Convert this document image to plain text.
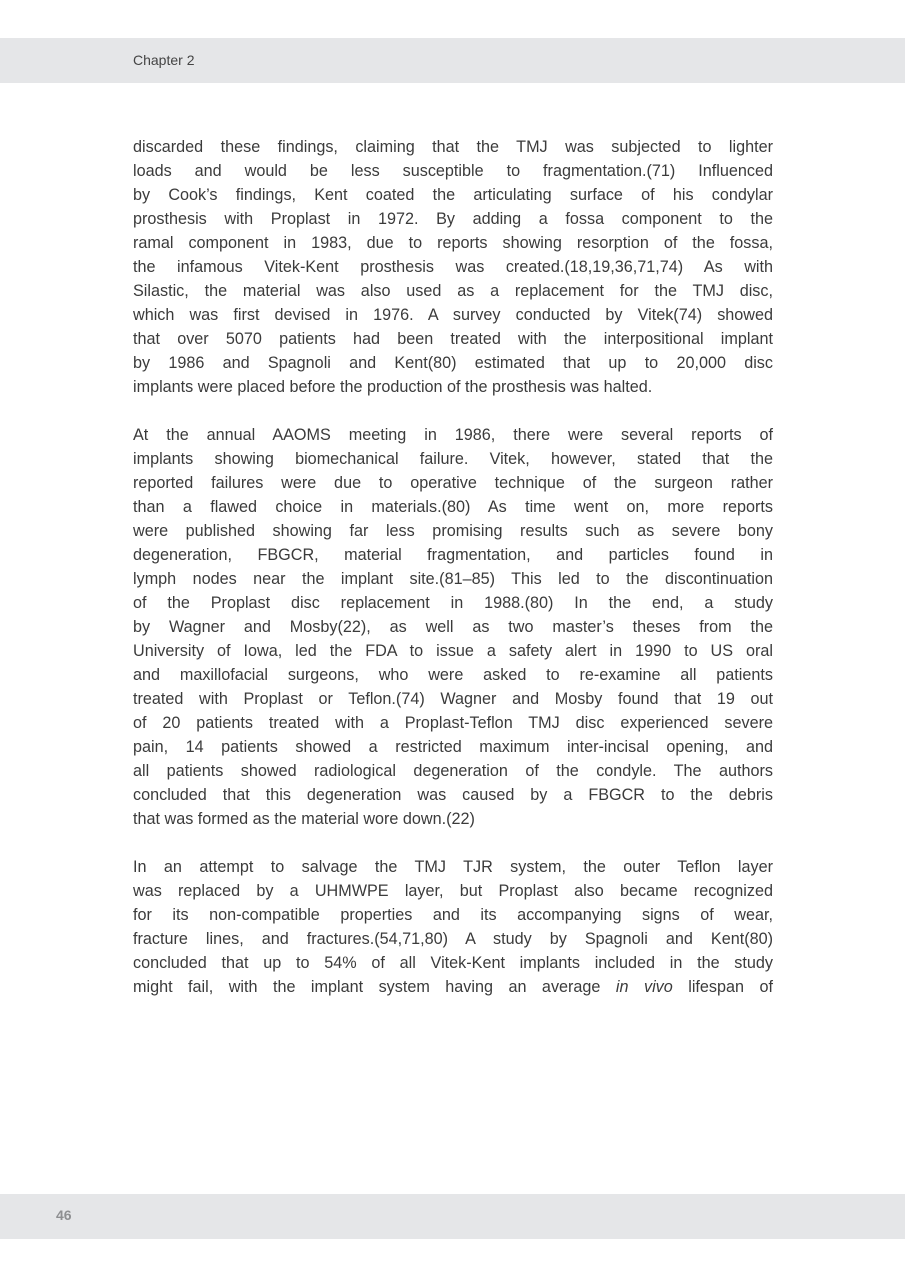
Chapter 2
discarded these findings, claiming that the TMJ was subjected to lighter
loads and would be less susceptible to fragmentation.(71) Influenced
by Cook’s findings, Kent coated the articulating surface of his condylar
prosthesis with Proplast in 1972. By adding a fossa component to the
ramal component in 1983, due to reports showing resorption of the fossa,
the infamous Vitek-Kent prosthesis was created.(18,19,36,71,74) As with
Silastic, the material was also used as a replacement for the TMJ disc,
which was first devised in 1976. A survey conducted by Vitek(74) showed
that over 5070 patients had been treated with the interpositional implant
by 1986 and Spagnoli and Kent(80) estimated that up to 20,000 disc
implants were placed before the production of the prosthesis was halted.
At the annual AAOMS meeting in 1986, there were several reports of
implants showing biomechanical failure. Vitek, however, stated that the
reported failures were due to operative technique of the surgeon rather
than a flawed choice in materials.(80) As time went on, more reports
were published showing far less promising results such as severe bony
degeneration, FBGCR, material fragmentation, and particles found in
lymph nodes near the implant site.(81–85) This led to the discontinuation
of the Proplast disc replacement in 1988.(80) In the end, a study
by Wagner and Mosby(22), as well as two master’s theses from the
University of Iowa, led the FDA to issue a safety alert in 1990 to US oral
and maxillofacial surgeons, who were asked to re-examine all patients
treated with Proplast or Teflon.(74) Wagner and Mosby found that 19 out
of 20 patients treated with a Proplast-Teflon TMJ disc experienced severe
pain, 14 patients showed a restricted maximum inter-incisal opening, and
all patients showed radiological degeneration of the condyle. The authors
concluded that this degeneration was caused by a FBGCR to the debris
that was formed as the material wore down.(22)
In an attempt to salvage the TMJ TJR system, the outer Teflon layer
was replaced by a UHMWPE layer, but Proplast also became recognized
for its non-compatible properties and its accompanying signs of wear,
fracture lines, and fractures.(54,71,80) A study by Spagnoli and Kent(80)
concluded that up to 54% of all Vitek-Kent implants included in the study
might fail, with the implant system having an average in vivo lifespan of
46
